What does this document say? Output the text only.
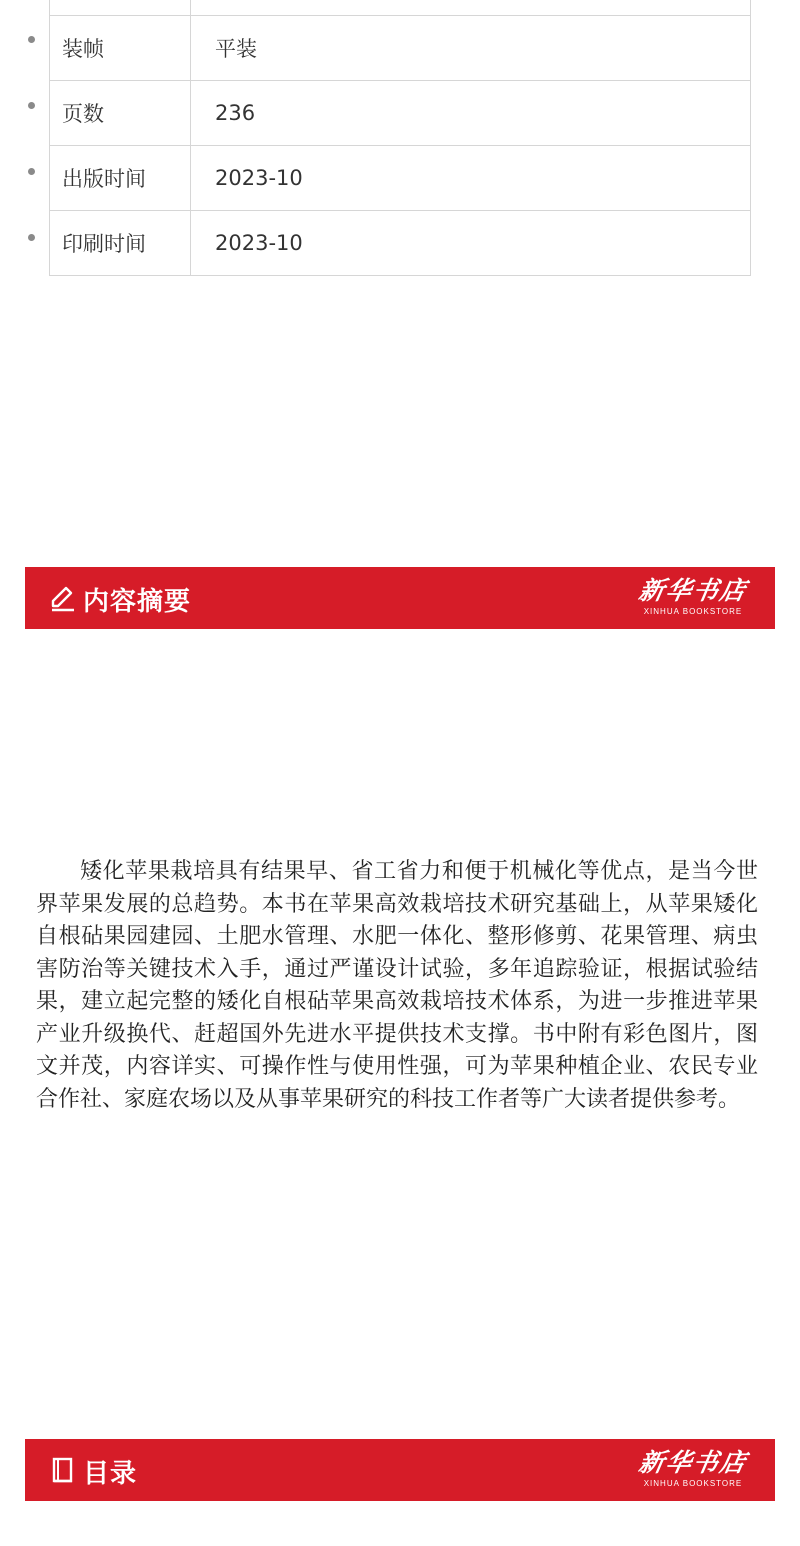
装帧	平装
页数	236
出版时间	2023-10
印刷时间	2023-10
内容摘要	新华书店
XINHUA BOOKSTORE

矮化苹果栽培具有结果早、省工省力和便于机械化等优点，是当今世界苹果发展的总趋势。本书在苹果高效栽培技术研究基础上，从苹果矮化自根砧果园建园、土肥水管理、水肥一体化、整形修剪、花果管理、病虫害防治等关键技术入手，通过严谨设计试验，多年追踪验证，根据试验结果，建立起完整的矮化自根砧苹果高效栽培技术体系，为进一步推进苹果产业升级换代、赶超国外先进水平提供技术支撑。书中附有彩色图片，图文并茂，内容详实、可操作性与使用性强，可为苹果种植企业、农民专业合作社、家庭农场以及从事苹果研究的科技工作者等广大读者提供参考。

目录	新华书店
XINHUA BOOKSTORE
